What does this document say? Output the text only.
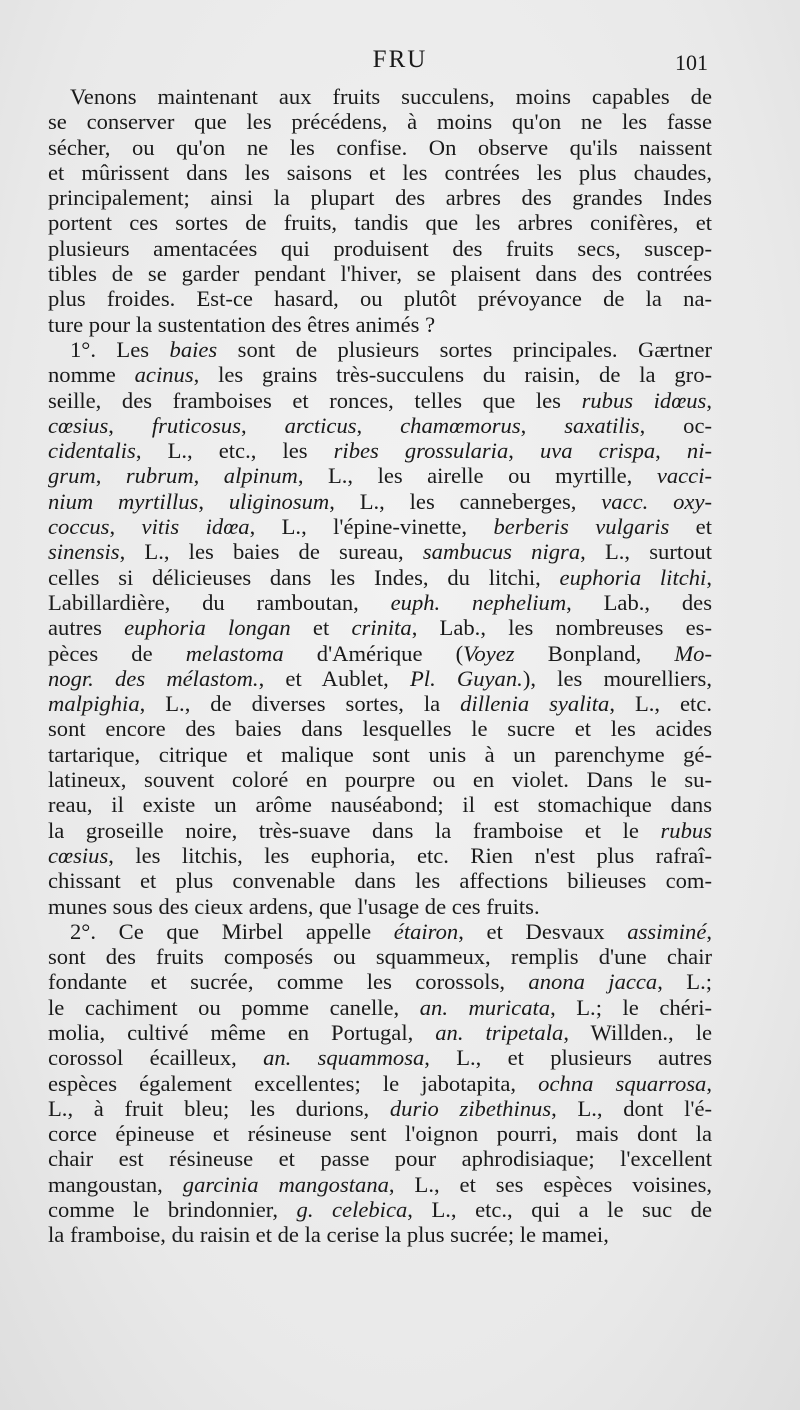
FRU	101
Venons maintenant aux fruits succulens, moins capables de
se conserver que les précédens, à moins qu'on ne les fasse
sécher, ou qu'on ne les confise. On observe qu'ils naissent
et mûrissent dans les saisons et les contrées les plus chaudes,
principalement; ainsi la plupart des arbres des grandes Indes
portent ces sortes de fruits, tandis que les arbres conifères, et
plusieurs amentacées qui produisent des fruits secs, suscep-
tibles de se garder pendant l'hiver, se plaisent dans des contrées
plus froides. Est-ce hasard, ou plutôt prévoyance de la na-
ture pour la sustentation des êtres animés ?
1°. Les baies sont de plusieurs sortes principales. Gærtner
nomme acinus, les grains très-succulens du raisin, de la gro-
seille, des framboises et ronces, telles que les rubus idœus,
cœsius, fruticosus, arcticus, chamœmorus, saxatilis, oc-
cidentalis, L., etc., les ribes grossularia, uva crispa, ni-
grum, rubrum, alpinum, L., les airelle ou myrtille, vacci-
nium myrtillus, uliginosum, L., les canneberges, vacc. oxy-
coccus, vitis idœa, L., l'épine-vinette, berberis vulgaris et
sinensis, L., les baies de sureau, sambucus nigra, L., surtout
celles si délicieuses dans les Indes, du litchi, euphoria litchi,
Labillardière, du ramboutan, euph. nephelium, Lab., des
autres euphoria longan et crinita, Lab., les nombreuses es-
pèces de melastoma d'Amérique (Voyez Bonpland, Mo-
nogr. des mélastom., et Aublet, Pl. Guyan.), les mourelliers,
malpighia, L., de diverses sortes, la dillenia syalita, L., etc.
sont encore des baies dans lesquelles le sucre et les acides
tartarique, citrique et malique sont unis à un parenchyme gé-
latineux, souvent coloré en pourpre ou en violet. Dans le su-
reau, il existe un arôme nauséabond; il est stomachique dans
la groseille noire, très-suave dans la framboise et le rubus
cœsius, les litchis, les euphoria, etc. Rien n'est plus rafraî-
chissant et plus convenable dans les affections bilieuses com-
munes sous des cieux ardens, que l'usage de ces fruits.
2°. Ce que Mirbel appelle étairon, et Desvaux assiminé,
sont des fruits composés ou squammeux, remplis d'une chair
fondante et sucrée, comme les corossols, anona jacca, L.;
le cachiment ou pomme canelle, an. muricata, L.; le chéri-
molia, cultivé même en Portugal, an. tripetala, Willden., le
corossol écailleux, an. squammosa, L., et plusieurs autres
espèces également excellentes; le jabotapita, ochna squarrosa,
L., à fruit bleu; les durions, durio zibethinus, L., dont l'é-
corce épineuse et résineuse sent l'oignon pourri, mais dont la
chair est résineuse et passe pour aphrodisiaque; l'excellent
mangoustan, garcinia mangostana, L., et ses espèces voisines,
comme le brindonnier, g. celebica, L., etc., qui a le suc de
la framboise, du raisin et de la cerise la plus sucrée; le mamei,
